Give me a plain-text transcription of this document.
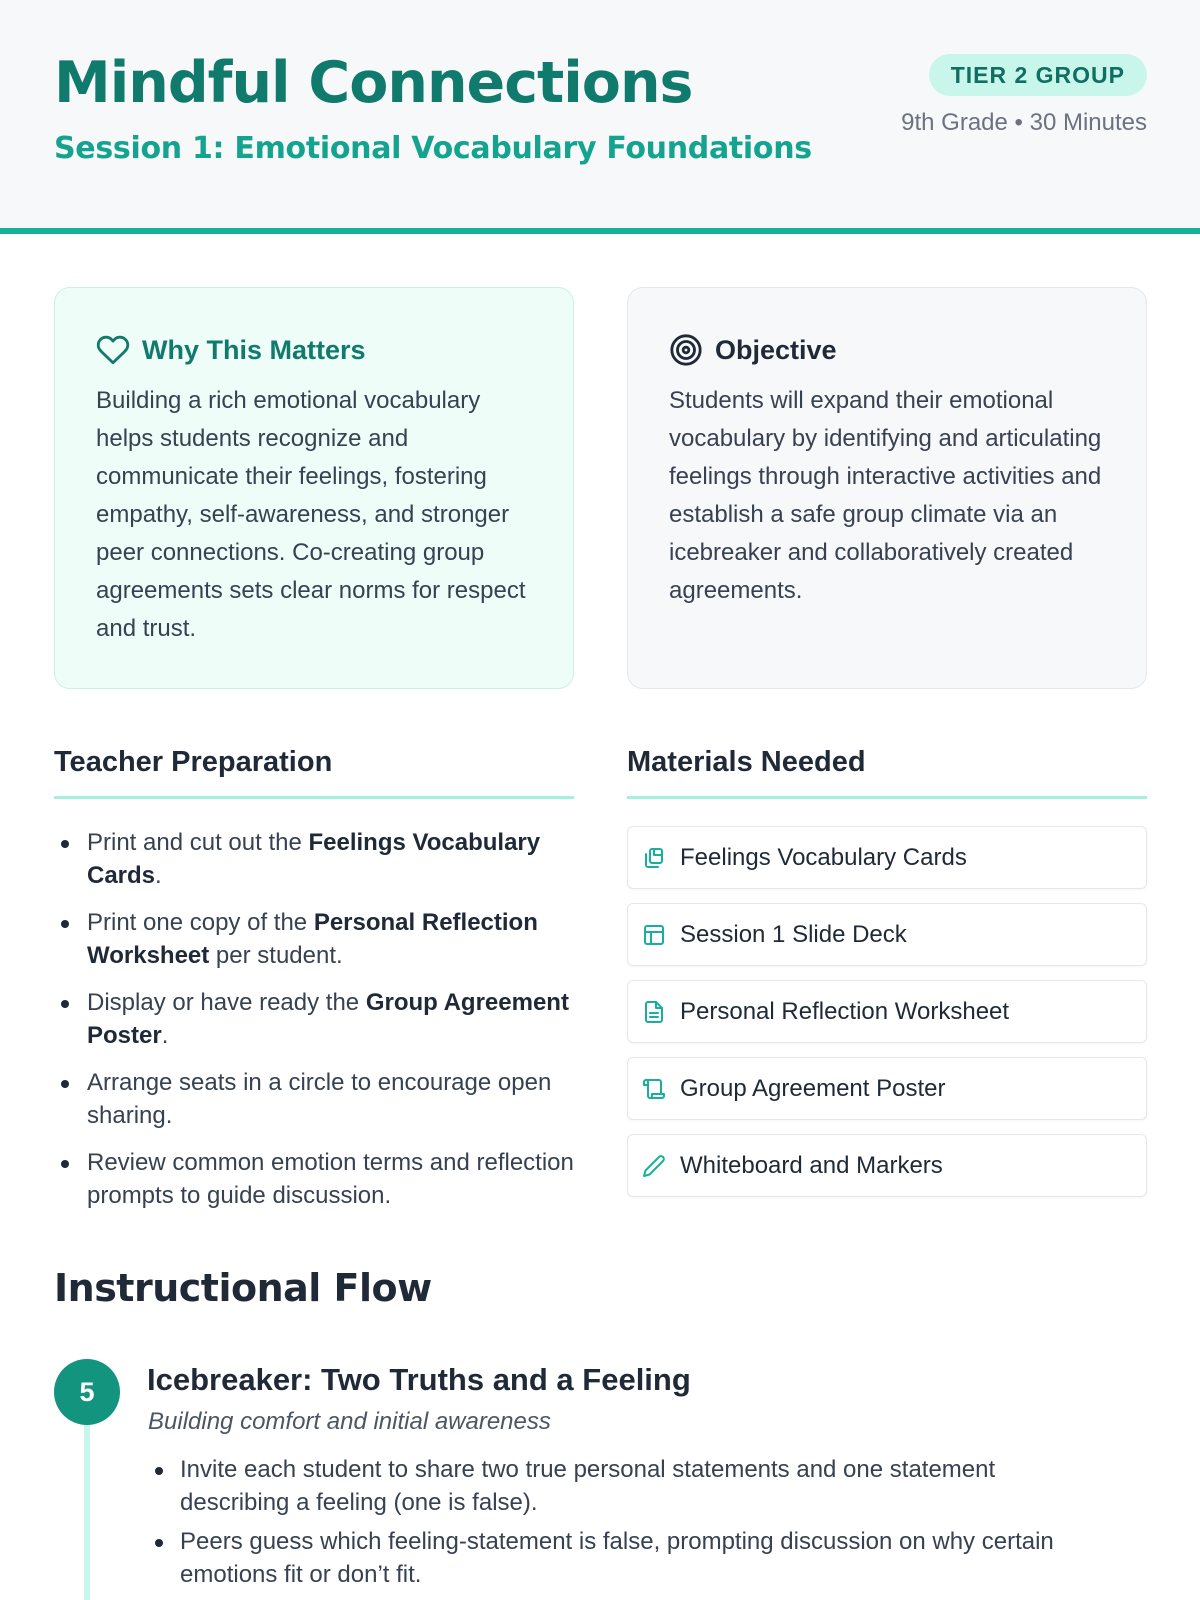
Mindful Connections
Session 1: Emotional Vocabulary Foundations
TIER 2 GROUP
9th Grade • 30 Minutes
Why This Matters

Building a rich emotional vocabulary helps students recognize and communicate their feelings, fostering empathy, self-awareness, and stronger peer connections. Co-creating group agreements sets clear norms for respect and trust.

Objective

Students will expand their emotional vocabulary by identifying and articulating feelings through interactive activities and establish a safe group climate via an icebreaker and collaboratively created agreements.

Teacher Preparation
Print and cut out the Feelings Vocabulary Cards.
Print one copy of the Personal Reflection Worksheet per student.
Display or have ready the Group Agreement Poster.
Arrange seats in a circle to encourage open sharing.
Review common emotion terms and reflection prompts to guide discussion.
Materials Needed
Feelings Vocabulary Cards
Session 1 Slide Deck
Personal Reflection Worksheet
Group Agreement Poster
Whiteboard and Markers
Instructional Flow
5	Icebreaker: Two Truths and a Feeling
Building comfort and initial awareness
Invite each student to share two true personal statements and one statement describing a feeling (one is false).
Peers guess which feeling-statement is false, prompting discussion on why certain emotions fit or don’t fit.
